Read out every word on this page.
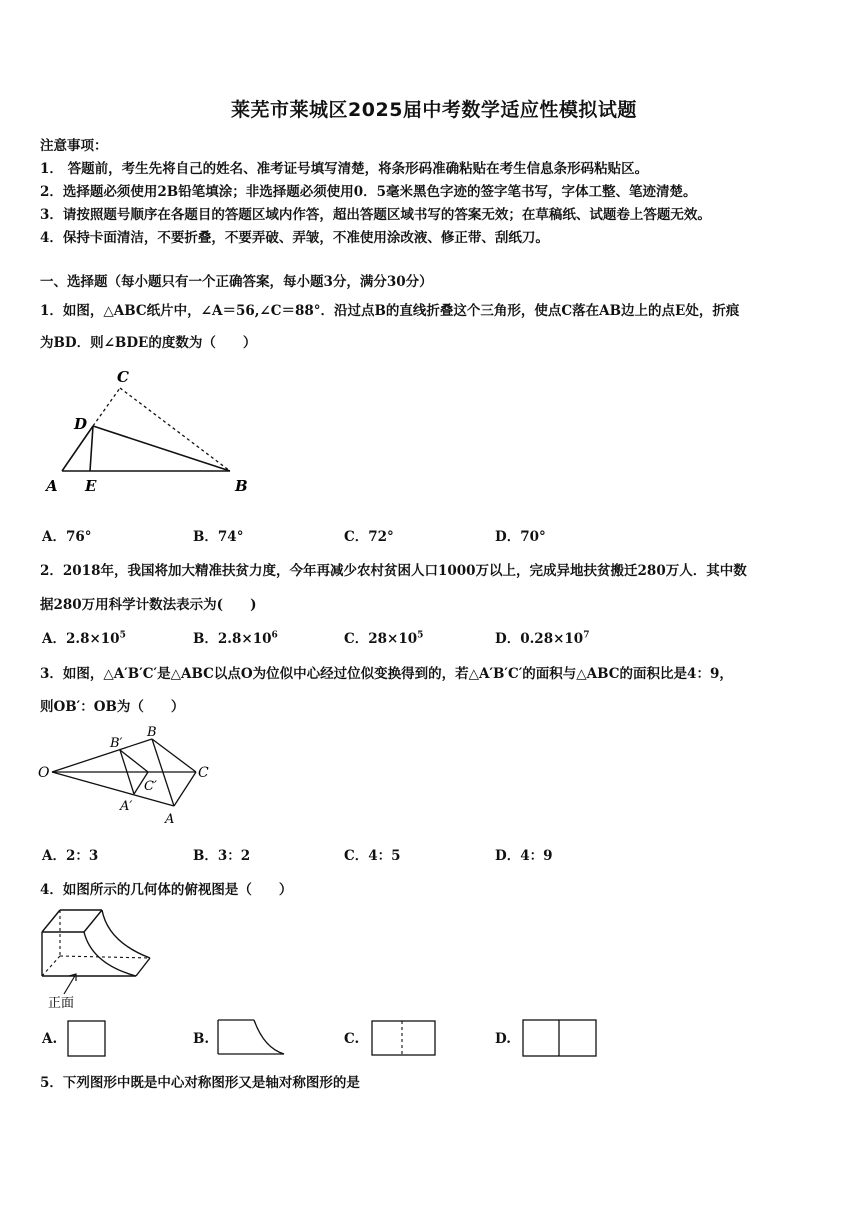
莱芜市莱城区2025届中考数学适应性模拟试题
注意事项：
1． 答题前，考生先将自己的姓名、准考证号填写清楚，将条形码准确粘贴在考生信息条形码粘贴区。
2．选择题必须使用2B铅笔填涂；非选择题必须使用0．5毫米黑色字迹的签字笔书写，字体工整、笔迹清楚。
3．请按照题号顺序在各题目的答题区域内作答，超出答题区域书写的答案无效；在草稿纸、试题卷上答题无效。
4．保持卡面清洁，不要折叠，不要弄破、弄皱，不准使用涂改液、修正带、刮纸刀。
一、选择题（每小题只有一个正确答案，每小题3分，满分30分）
1．如图，△ABC纸片中，∠A＝56,∠C＝88°．沿过点B的直线折叠这个三角形，使点C落在AB边上的点E处，折痕
为BD．则∠BDE的度数为（　　）
C
D
A E	B
A．76°	B．74°	C．72°	D．70°
2．2018年，我国将加大精准扶贫力度，今年再减少农村贫困人口1000万以上，完成异地扶贫搬迁280万人．其中数
据280万用科学计数法表示为(　　)
A．$2.8\times 10^5$	B．$2.8\times 10^6$	C．$28\times 10^5$	D．$0.28\times 10^7$
3．如图，△A′B′C′是△ABC以点O为位似中心经过位似变换得到的，若△A′B′C′的面积与△ABC的面积比是4：9，
则OB′：OB为（　　）
O
B′
B
C
C′
A′
A
A．2：3	B．3：2	C．4：5	D．4：9
4．如图所示的几何体的俯视图是（　　）
正面
A.	B.	C.	D.
5．下列图形中既是中心对称图形又是轴对称图形的是
